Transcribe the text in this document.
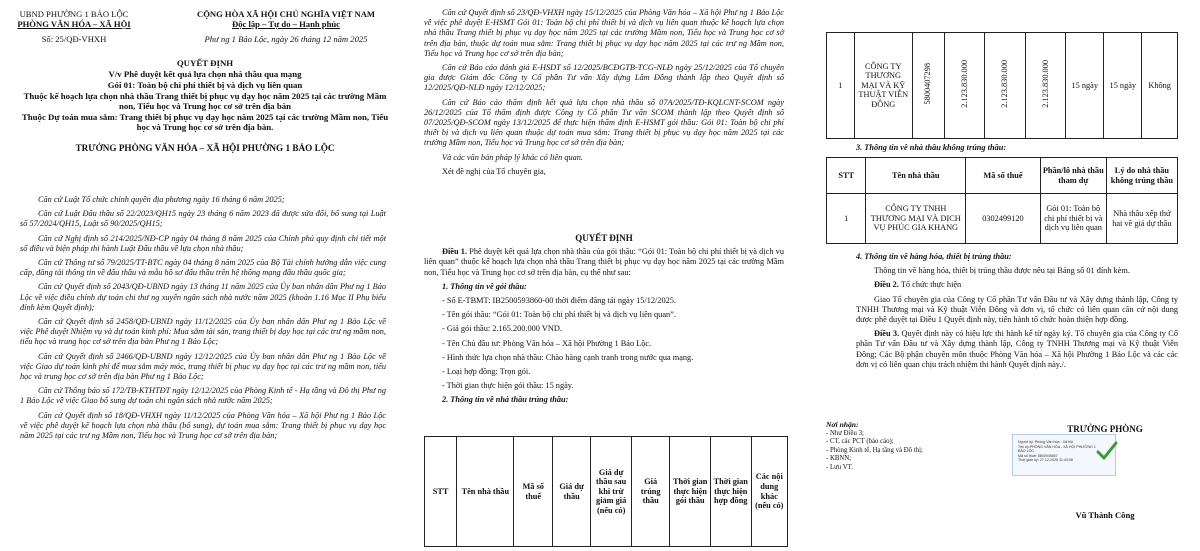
UBND PHƯỜNG 1 BẢO LỘC
PHÒNG VĂN HÓA – XÃ HỘI
Số: 25/QĐ-VHXH
CỘNG HÒA XÃ HỘI CHỦ NGHĨA VIỆT NAM
Độc lập – Tự do – Hạnh phúc
Phư ng 1 Bảo Lộc, ngày 26 tháng 12 năm 2025
QUYẾT ĐỊNH
V/v Phê duyệt kết quả lựa chọn nhà thầu qua mạng
Gói 01: Toàn bộ chi phí thiết bị và dịch vụ liên quan
Thuộc kế hoạch lựa chọn nhà thầu Trang thiết bị phục vụ dạy học năm 2025 tại các trường Mầm non, Tiểu học và Trung học cơ sở trên địa bàn
Thuộc Dự toán mua sắm: Trang thiết bị phục vụ dạy học năm 2025 tại các trường Mầm non, Tiểu học và Trung học cơ sở trên địa bàn.
TRƯỞNG PHÒNG VĂN HÓA – XÃ HỘI PHƯỜNG 1 BẢO LỘC

Căn cứ Luật Tổ chức chính quyền địa phương ngày 16 tháng 6 năm 2025;

Căn cứ Luật Đấu thầu số 22/2023/QH15 ngày 23 tháng 6 năm 2023 đã được sửa đổi, bổ sung tại Luật số 57/2024/QH15, Luật số 90/2025/QH15;

Căn cứ Nghị định số 214/2025/NĐ-CP ngày 04 tháng 8 năm 2025 của Chính phủ quy định chi tiết một số điều và biện pháp thi hành Luật Đấu thầu về lựa chọn nhà thầu;

Căn cứ Thông tư số 79/2025/TT-BTC ngày 04 tháng 8 năm 2025 của Bộ Tài chính hướng dẫn việc cung cấp, đăng tải thông tin về đấu thầu và mẫu hồ sơ đấu thầu trên hệ thống mạng đấu thầu quốc gia;

Căn cứ Quyết định số 2043/QĐ-UBND ngày 13 tháng 11 năm 2025 của Ủy ban nhân dân Phư ng 1 Bảo Lộc về việc điều chỉnh dự toán chi thư ng xuyên ngân sách nhà nước năm 2025 (khoản 1.16 Mục II Phụ biểu đính kèm Quyết định);

Căn cứ Quyết định số 2458/QĐ-UBND ngày 11/12/2025 của Ủy ban nhân dân Phư ng 1 Bảo Lộc về việc Phê duyệt Nhiệm vụ và dự toán kinh phí: Mua sắm tài sản, trang thiết bị dạy học tại các trư ng mầm non, tiểu học và trung học cơ sở trên địa bàn Phư ng 1 Bảo Lộc;

Căn cứ Quyết định số 2466/QĐ-UBND ngày 12/12/2025 của Ủy ban nhân dân Phư ng 1 Bảo Lộc về việc Giao dự toán kinh phí để mua sắm máy móc, trang thiết bị phục vụ dạy học tại các trư ng mầm non, tiểu học và trung học cơ sở trên địa bàn Phư ng 1 Bảo Lộc;

Căn cứ Thông báo số 172/TB-KTHTĐT ngày 12/12/2025 của Phòng Kinh tế - Hạ tầng và Đô thị Phư ng 1 Bảo Lộc về việc Giao bổ sung dự toán chi ngân sách nhà nước năm 2025;

Căn cứ Quyết định số 18/QĐ-VHXH ngày 11/12/2025 của Phòng Văn hóa – Xã hội Phư ng 1 Bảo Lộc về việc phê duyệt kế hoạch lựa chọn nhà thầu (bổ sung), dự toán mua sắm: Trang thiết bị phục vụ dạy học năm 2025 tại các trư ng Mầm non, Tiểu học và Trung học cơ sở trên địa bàn;

Căn cứ Quyết định số 23/QĐ-VHXH ngày 15/12/2025 của Phòng Văn hóa – Xã hội Phư ng 1 Bảo Lộc về việc phê duyệt E-HSMT Gói 01: Toàn bộ chi phí thiết bị và dịch vụ liên quan thuộc kế hoạch lựa chọn nhà thầu Trang thiết bị phục vụ dạy học năm 2025 tại các trường Mầm non, Tiểu học và Trung học cơ sở trên địa bàn, thuộc dự toán mua sắm: Trang thiết bị phục vụ dạy học năm 2025 tại các trư ng Mầm non, Tiểu học và Trung học cơ sở trên địa bàn;

Căn cứ Báo cáo đánh giá E-HSDT số 12/2025/BCĐGTB-TCG-NLĐ ngày 25/12/2025 của Tổ chuyên gia được Giám đốc Công ty Cổ phần Tư vấn Xây dựng Lâm Đồng thành lập theo Quyết định số 12/2025/QĐ-NLĐ ngày 12/12/2025;

Căn cứ Báo cáo thẩm định kết quả lựa chọn nhà thầu số 07A/2025/TĐ-KQLCNT-SCOM ngày 26/12/2025 của Tổ thẩm định được Công ty Cổ phần Tư vấn SCOM thành lập theo Quyết định số 07/2025/QĐ-SCOM ngày 13/12/2025 để thực hiện thẩm định E-HSMT gói thầu: Gói 01: Toàn bộ chi phí thiết bị và dịch vụ liên quan thuộc dự toán mua sắm: Trang thiết bị phục vụ dạy học năm 2025 tại các trường Mầm non, Tiểu học và Trung học cơ sở trên địa bàn;

Và các văn bản pháp lý khác có liên quan.

Xét đề nghị của Tổ chuyên gia,

QUYẾT ĐỊNH

Điều 1. Phê duyệt kết quả lựa chọn nhà thầu của gói thầu: “Gói 01: Toàn bộ chi phí thiết bị và dịch vụ liên quan” thuộc kế hoạch lựa chọn nhà thầu Trang thiết bị phục vụ dạy học năm 2025 tại các trường Mầm non, Tiểu học và Trung học cơ sở trên địa bàn, cụ thể như sau:

1. Thông tin về gói thầu:

- Số E-TBMT: IB2500593860-00 thời điểm đăng tải ngày 15/12/2025.

- Tên gói thầu: “Gói 01: Toàn bộ chi phí thiết bị và dịch vụ liên quan”.

- Giá gói thầu: 2.165.200.000 VND.

- Tên Chủ đầu tư: Phòng Văn hóa – Xã hội Phường 1 Bảo Lộc.

- Hình thức lựa chọn nhà thầu: Chào hàng cạnh tranh trong nước qua mạng.

- Loại hợp đồng: Trọn gói.

- Thời gian thực hiện gói thầu: 15 ngày.

2. Thông tin về nhà thầu trúng thầu:

STT	Tên nhà thầu	Mã số thuế	Giá dự thầu	Giá dự thầu sau khi trừ giảm giá (nếu có)	Giá trúng thầu	Thời gian thực hiện gói thầu	Thời gian thực hiện hợp đồng	Các nội dung khác (nếu có)
1	CÔNG TY THƯƠNG MẠI VÀ KỸ THUẬT VIỄN ĐÔNG	5800407298	2.123.830.000	2.123.830.000	2.123.830.000	15 ngày	15 ngày	Không
3. Thông tin về nhà thầu không trúng thầu:
STT	Tên nhà thầu	Mã số thuế	Phần/lô nhà thầu tham dự	Lý do nhà thầu không trúng thầu
1	CÔNG TY TNHH THƯƠNG MẠI VÀ DỊCH VỤ PHÚC GIA KHANG	0302499120	Gói 01: Toàn bộ chi phí thiết bị và dịch vụ liên quan	Nhà thầu xếp thứ hai về giá dự thầu

4. Thông tin về hàng hóa, thiết bị trúng thầu:

Thông tin về hàng hóa, thiết bị trúng thầu được nêu tại Bảng số 01 đính kèm.

Điều 2. Tổ chức thực hiện

Giao Tổ chuyên gia của Công ty Cổ phần Tư vấn Đầu tư và Xây dựng thành lập, Công ty TNHH Thương mại và Kỹ thuật Viễn Đông và đơn vị, tổ chức có liên quan căn cứ nội dung được phê duyệt tại Điều 1 Quyết định này, tiến hành tổ chức hoàn thiện hợp đồng.

Điều 3. Quyết định này có hiệu lực thi hành kể từ ngày ký. Tổ chuyên gia của Công ty Cổ phần Tư vấn Đầu tư và Xây dựng thành lập, Công ty TNHH Thương mại và Kỹ thuật Viễn Đông; Các Bộ phận chuyên môn thuộc Phòng Văn hóa – Xã hội Phường 1 Bảo Lộc và các các đơn vị có liên quan chịu trách nhiệm thi hành Quyết định này./.

Nơi nhận:
- Như Điều 3;
- CT, các PCT (báo cáo);
- Phòng Kinh tế, Hạ tầng và Đô thị;
- KBNN;
- Lưu VT.
TRƯỞNG PHÒNG
Vũ Thành Công
Người ký: Phòng Văn hóa - Xã hội
Tên ký:PHÒNG VĂN HÓA - XÃ HỘI PHƯỜNG 1
BẢO LỘC
Mã số thuế: 5800945807
Thời gian ký: 27-12-2025 11:43:08
